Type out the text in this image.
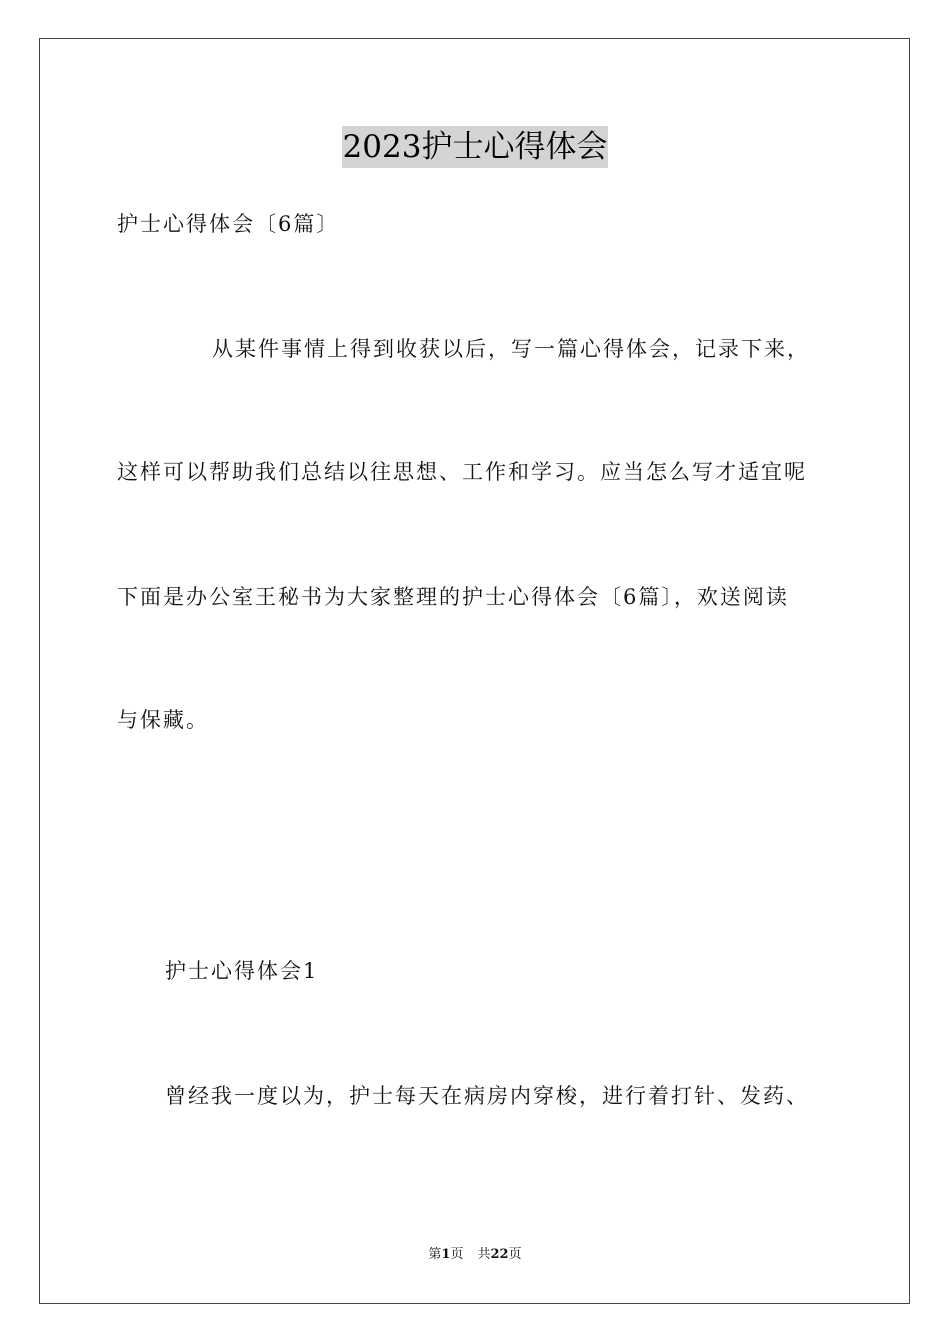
2023护士心得体会
护士心得体会〔6篇〕
从某件事情上得到收获以后，写一篇心得体会，记录下来，
这样可以帮助我们总结以往思想、工作和学习。应当怎么写才适宜呢
下面是办公室王秘书为大家整理的护士心得体会〔6篇〕，欢送阅读
与保藏。
护士心得体会1
曾经我一度以为，护士每天在病房内穿梭，进行着打针、发药、
第1页 共22页
